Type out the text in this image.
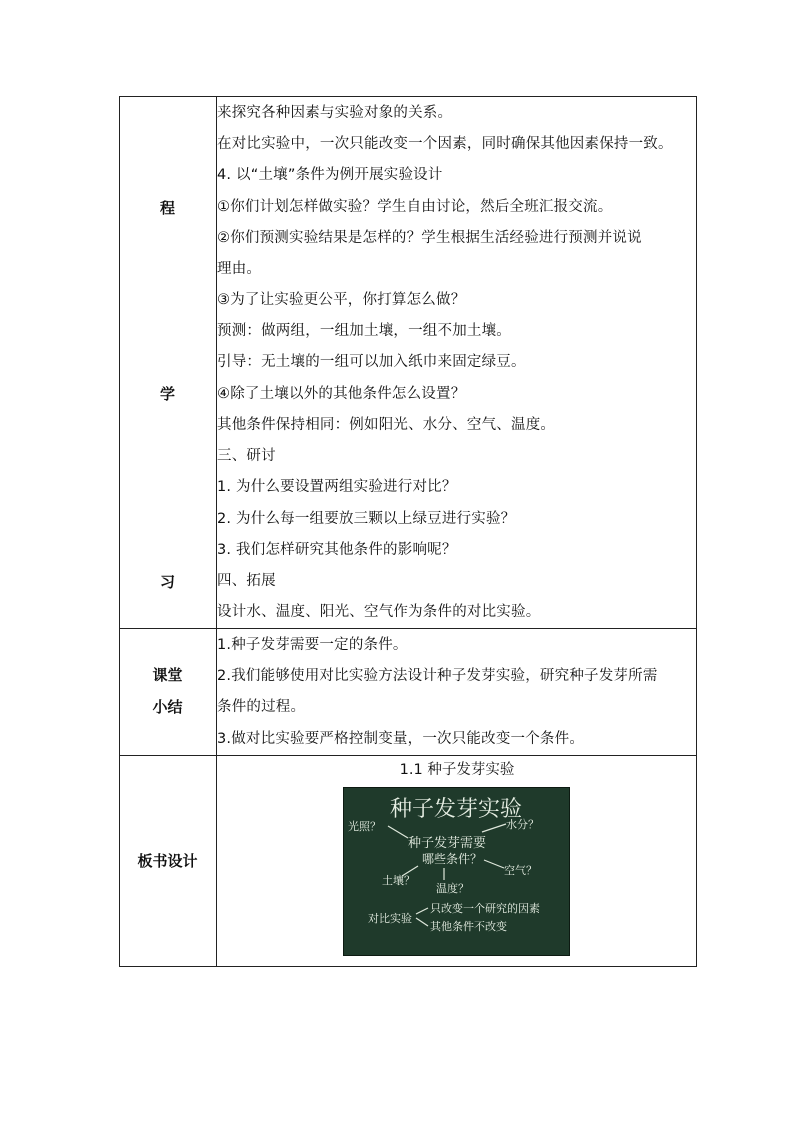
程
学
习
来探究各种因素与实验对象的关系。
在对比实验中，一次只能改变一个因素，同时确保其他因素保持一致。
4. 以“土壤”条件为例开展实验设计
①你们计划怎样做实验？学生自由讨论，然后全班汇报交流。
②你们预测实验结果是怎样的？学生根据生活经验进行预测并说说
理由。
③为了让实验更公平，你打算怎么做？
预测：做两组，一组加土壤，一组不加土壤。
引导：无土壤的一组可以加入纸巾来固定绿豆。
④除了土壤以外的其他条件怎么设置？
其他条件保持相同：例如阳光、水分、空气、温度。
三、研讨
1. 为什么要设置两组实验进行对比？
2. 为什么每一组要放三颗以上绿豆进行实验？
3. 我们怎样研究其他条件的影响呢？
四、拓展
设计水、温度、阳光、空气作为条件的对比实验。
课堂
小结
1.种子发芽需要一定的条件。
2.我们能够使用对比实验方法设计种子发芽实验，研究种子发芽所需
条件的过程。
3.做对比实验要严格控制变量，一次只能改变一个条件。
板书设计
1.1 种子发芽实验
种子发芽实验
光照？	水分？
种子发芽需要
哪些条件？
空气？
土壤？
温度？
对比实验
只改变一个研究的因素
其他条件不改变
